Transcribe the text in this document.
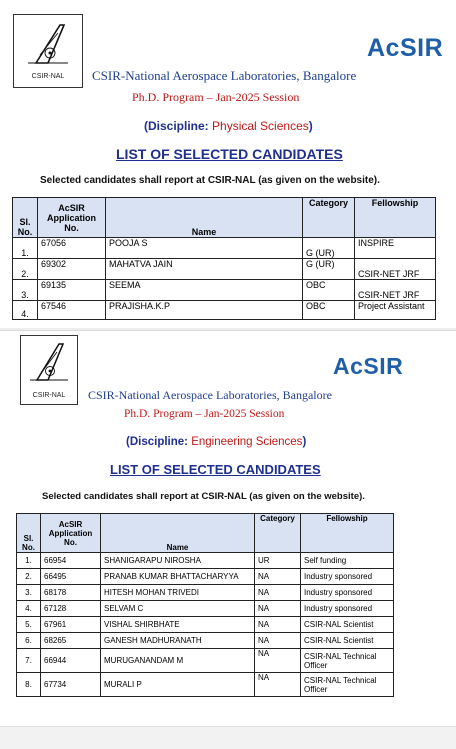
CSIR-NAL
AcSIR
CSIR-National Aerospace Laboratories, Bangalore
Ph.D. Program – Jan-2025 Session
(Discipline: Physical Sciences)
LIST OF SELECTED CANDIDATES
Selected candidates shall report at CSIR-NAL (as given on the website).
Sl. No.	AcSIR Application No.	Name	Category	Fellowship
1.	67056	POOJA S	G (UR)	INSPIRE
2.	69302	MAHATVA JAIN	G (UR)	CSIR-NET JRF
3.	69135	SEEMA	OBC	CSIR-NET JRF
4.	67546	PRAJISHA.K.P	OBC	Project Assistant
CSIR-NAL
AcSIR
CSIR-National Aerospace Laboratories, Bangalore
Ph.D. Program – Jan-2025 Session
(Discipline: Engineering Sciences)
LIST OF SELECTED CANDIDATES
Selected candidates shall report at CSIR-NAL (as given on the website).
Sl. No.	AcSIR Application No.	Name	Category	Fellowship
1.	66954	SHANIGARAPU NIROSHA	UR	Self funding
2.	66495	PRANAB KUMAR BHATTACHARYYA	NA	Industry sponsored
3.	68178	HITESH MOHAN TRIVEDI	NA	Industry sponsored
4.	67128	SELVAM C	NA	Industry sponsored
5.	67961	VISHAL SHIRBHATE	NA	CSIR-NAL Scientist
6.	68265	GANESH MADHURANATH	NA	CSIR-NAL Scientist
7.	66944	MURUGANANDAM M	NA	CSIR-NAL Technical Officer
8.	67734	MURALI P	NA	CSIR-NAL Technical Officer
